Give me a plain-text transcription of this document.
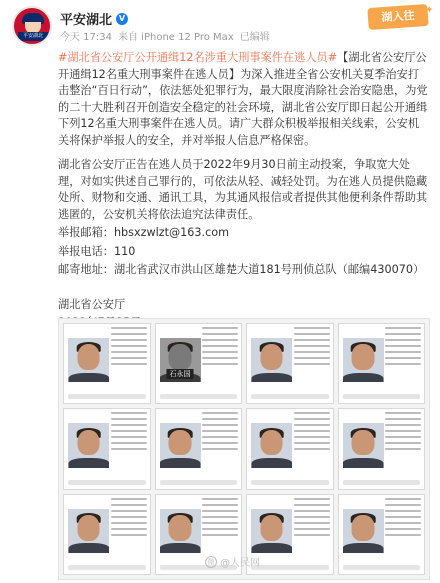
平安湖北
平安湖北 V
今天 17:34 来自 iPhone 12 Pro Max 已编辑
湖入往 ✦

#湖北省公安厅公开通缉12名涉重大刑事案件在逃人员#【湖北省公安厅公开通缉12名重大刑事案件在逃人员】为深入推进全省公安机关夏季治安打击整治“百日行动”，依法惩处犯罪行为，最大限度消除社会治安隐患，为党的二十大胜利召开创造安全稳定的社会环境，湖北省公安厅即日起公开通缉下列12名重大刑事案件在逃人员。请广大群众积极举报相关线索，公安机关将保护举报人的安全，并对举报人信息严格保密。

湖北省公安厅正告在逃人员于2022年9月30日前主动投案，争取宽大处理，对如实供述自己罪行的，可依法从轻、减轻处罚。为在逃人员提供隐藏处所、财物和交通、通讯工具，为其通风报信或者提供其他便利条件帮助其逃匿的，公安机关将依法追究法律责任。

举报邮箱：hbsxzwlzt@163.com

举报电话：110

邮寄地址：湖北省武汉市洪山区雄楚大道181号刑侦总队（邮编430070）

湖北省公安厅

石永国
微 @人民网
